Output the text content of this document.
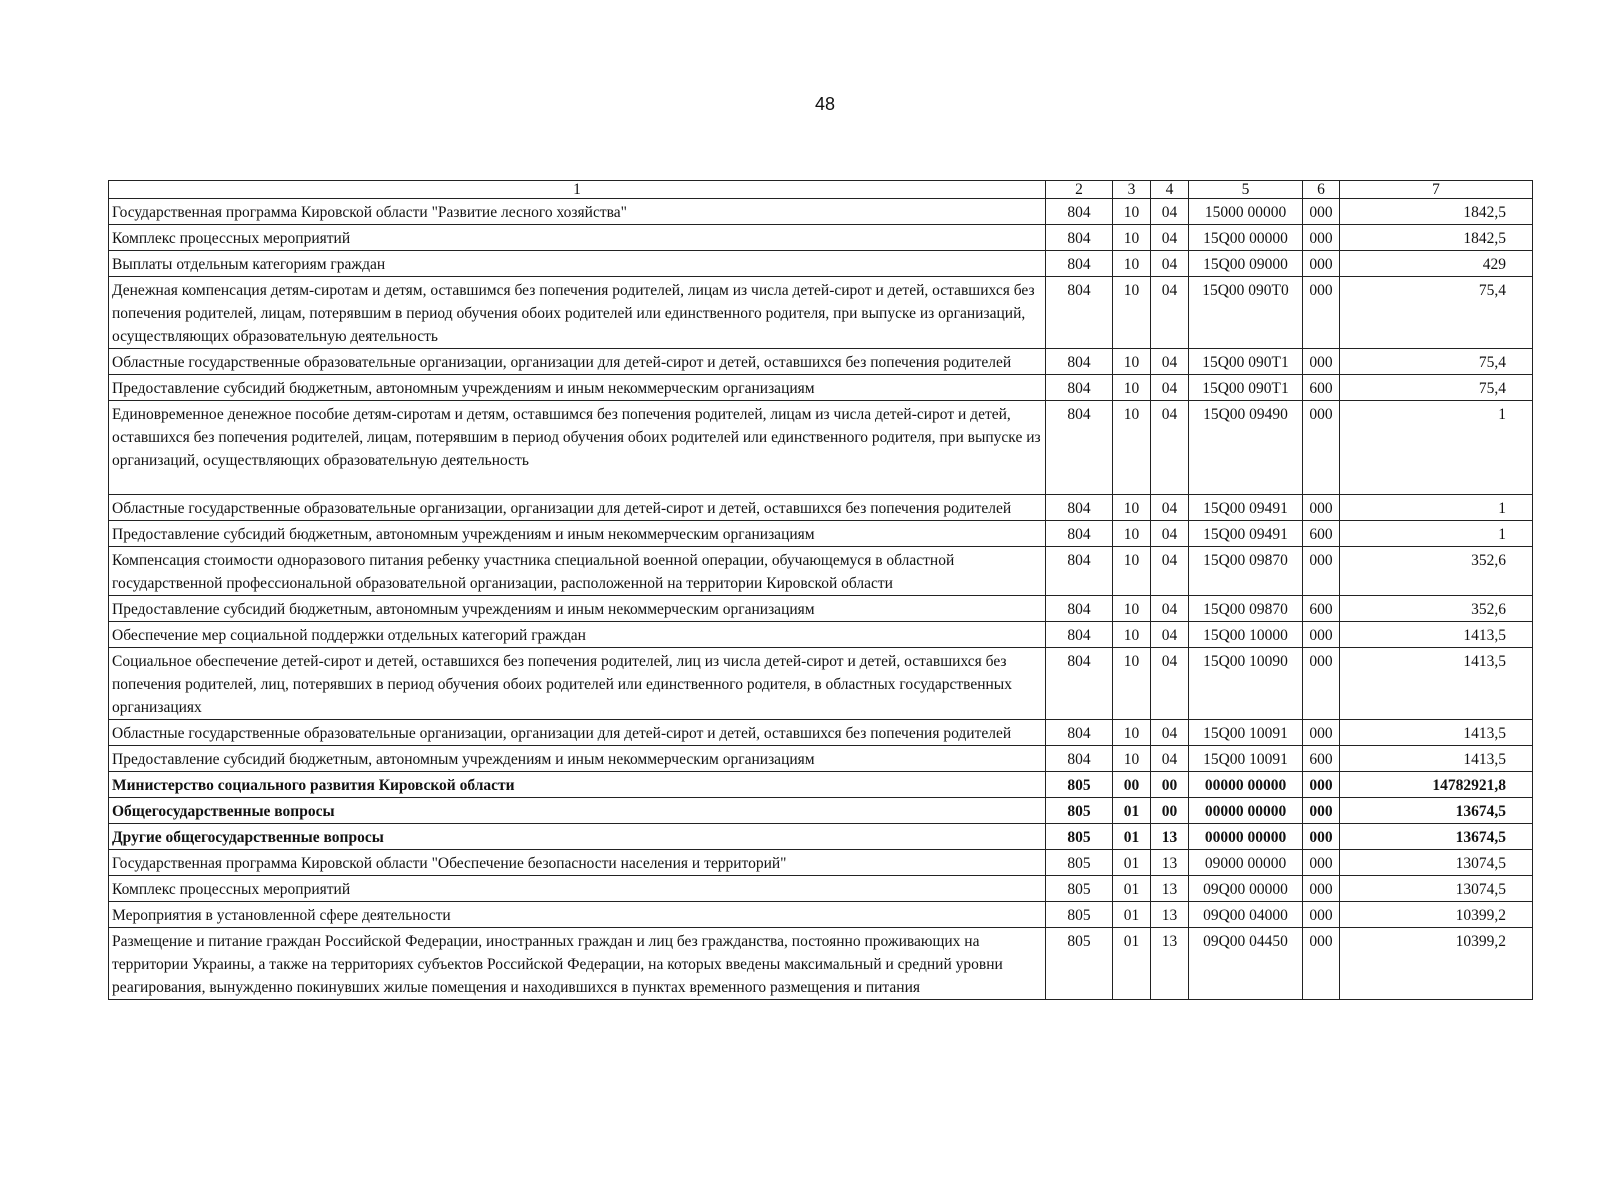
48
1	2	3	4	5	6	7
Государственная программа Кировской области "Развитие лесного хозяйства"	804	10	04	15000 00000	000	1842,5
Комплекс процессных мероприятий	804	10	04	15Q00 00000	000	1842,5
Выплаты отдельным категориям граждан	804	10	04	15Q00 09000	000	429
Денежная компенсация детям-сиротам и детям, оставшимся без попечения родителей, лицам из числа детей-сирот и детей, оставшихся без попечения родителей, лицам, потерявшим в период обучения обоих родителей или единственного родителя, при выпуске из организаций, осуществляющих образовательную деятельность	804	10	04	15Q00 090T0	000	75,4
Областные государственные образовательные организации, организации для детей-сирот и детей, оставшихся без попечения родителей	804	10	04	15Q00 090T1	000	75,4
Предоставление субсидий бюджетным, автономным учреждениям и иным некоммерческим организациям	804	10	04	15Q00 090T1	600	75,4
Единовременное денежное пособие детям-сиротам и детям, оставшимся без попечения родителей, лицам из числа детей-сирот и детей, оставшихся без попечения родителей, лицам, потерявшим в период обучения обоих родителей или единственного родителя, при выпуске из организаций, осуществляющих образовательную деятельность	804	10	04	15Q00 09490	000	1
Областные государственные образовательные организации, организации для детей-сирот и детей, оставшихся без попечения родителей	804	10	04	15Q00 09491	000	1
Предоставление субсидий бюджетным, автономным учреждениям и иным некоммерческим организациям	804	10	04	15Q00 09491	600	1
Компенсация стоимости одноразового питания ребенку участника специальной военной операции, обучающемуся в областной государственной профессиональной образовательной организации, расположенной на территории Кировской области	804	10	04	15Q00 09870	000	352,6
Предоставление субсидий бюджетным, автономным учреждениям и иным некоммерческим организациям	804	10	04	15Q00 09870	600	352,6
Обеспечение мер социальной поддержки отдельных категорий граждан	804	10	04	15Q00 10000	000	1413,5
Социальное обеспечение детей-сирот и детей, оставшихся без попечения родителей, лиц из числа детей-сирот и детей, оставшихся без попечения родителей, лиц, потерявших в период обучения обоих родителей или единственного родителя, в областных государственных организациях	804	10	04	15Q00 10090	000	1413,5
Областные государственные образовательные организации, организации для детей-сирот и детей, оставшихся без попечения родителей	804	10	04	15Q00 10091	000	1413,5
Предоставление субсидий бюджетным, автономным учреждениям и иным некоммерческим организациям	804	10	04	15Q00 10091	600	1413,5
Министерство социального развития Кировской области	805	00	00	00000 00000	000	14782921,8
Общегосударственные вопросы	805	01	00	00000 00000	000	13674,5
Другие общегосударственные вопросы	805	01	13	00000 00000	000	13674,5
Государственная программа Кировской области "Обеспечение безопасности населения и территорий"	805	01	13	09000 00000	000	13074,5
Комплекс процессных мероприятий	805	01	13	09Q00 00000	000	13074,5
Мероприятия в установленной сфере деятельности	805	01	13	09Q00 04000	000	10399,2
Размещение и питание граждан Российской Федерации, иностранных граждан и лиц без гражданства, постоянно проживающих на территории Украины, а также на территориях субъектов Российской Федерации, на которых введены максимальный и средний уровни реагирования, вынужденно покинувших жилые помещения и находившихся в пунктах временного размещения и питания	805	01	13	09Q00 04450	000	10399,2
